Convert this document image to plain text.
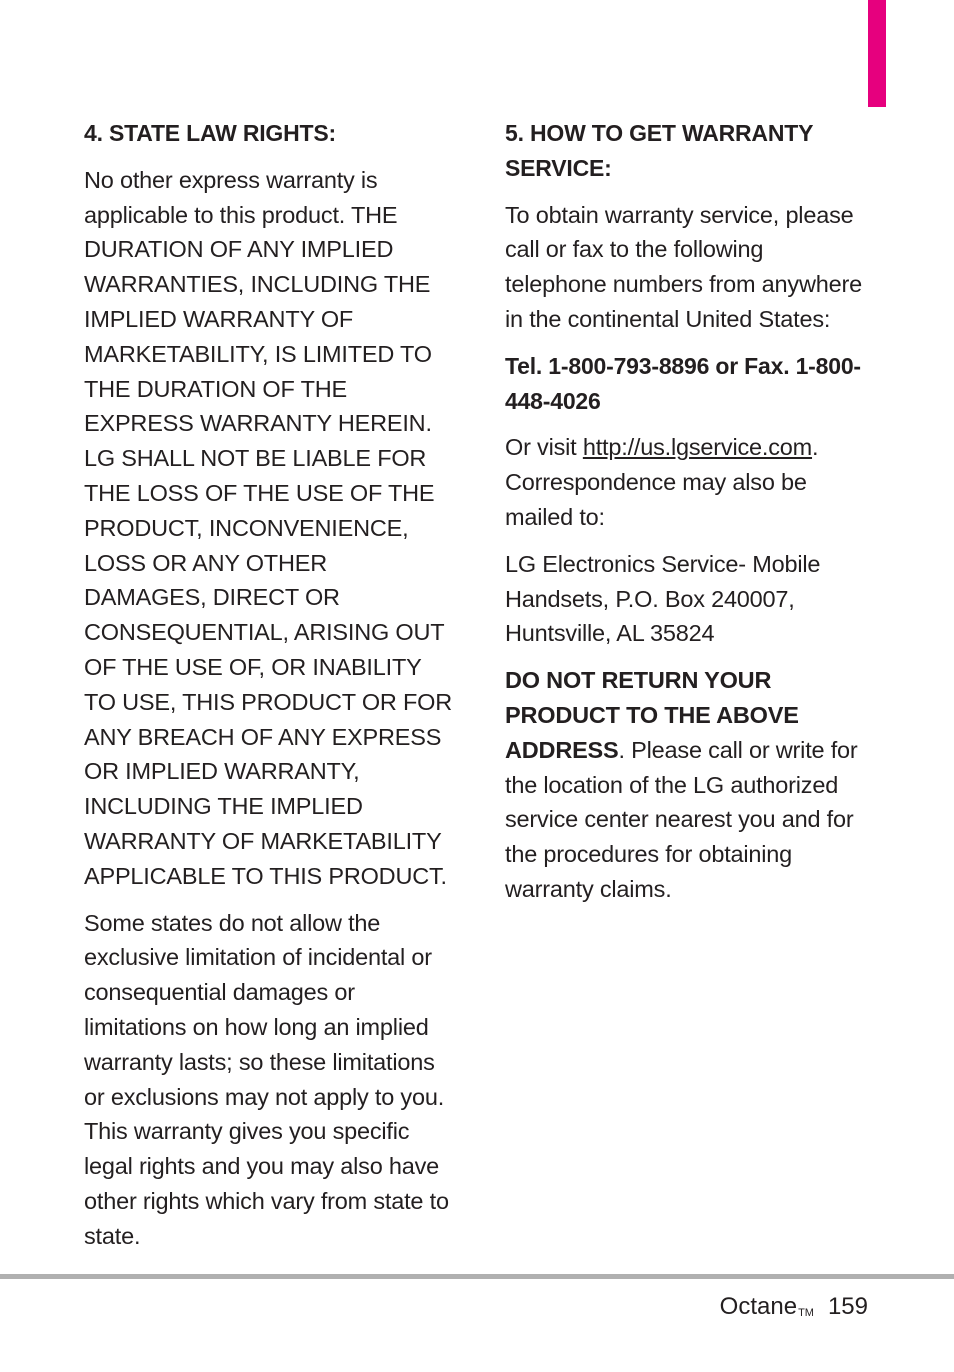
4. STATE LAW RIGHTS:
No other express warranty is applicable to this product. THE DURATION OF ANY IMPLIED WARRANTIES, INCLUDING THE IMPLIED WARRANTY OF MARKETABILITY, IS LIMITED TO THE DURATION OF THE EXPRESS WARRANTY HEREIN. LG SHALL NOT BE LIABLE FOR THE LOSS OF THE USE OF THE PRODUCT, INCONVENIENCE, LOSS OR ANY OTHER DAMAGES, DIRECT OR CONSEQUENTIAL, ARISING OUT OF THE USE OF, OR INABILITY TO USE, THIS PRODUCT OR FOR ANY BREACH OF ANY EXPRESS OR IMPLIED WARRANTY, INCLUDING THE IMPLIED WARRANTY OF MARKETABILITY APPLICABLE TO THIS PRODUCT.
Some states do not allow the exclusive limitation of incidental or consequential damages or limitations on how long an implied warranty lasts; so these limitations or exclusions may not apply to you. This warranty gives you specific legal rights and you may also have other rights which vary from state to state.
5. HOW TO GET WARRANTY SERVICE:
To obtain warranty service, please call or fax to the following telephone numbers from anywhere in the continental United States:
Tel. 1-800-793-8896 or Fax. 1-800-448-4026
Or visit http://us.lgservice.com. Correspondence may also be mailed to:
LG Electronics Service- Mobile Handsets, P.O. Box 240007, Huntsville, AL 35824
DO NOT RETURN YOUR PRODUCT TO THE ABOVE ADDRESS. Please call or write for the location of the LG authorized service center nearest you and for the procedures for obtaining warranty claims.
Octane™ 159
